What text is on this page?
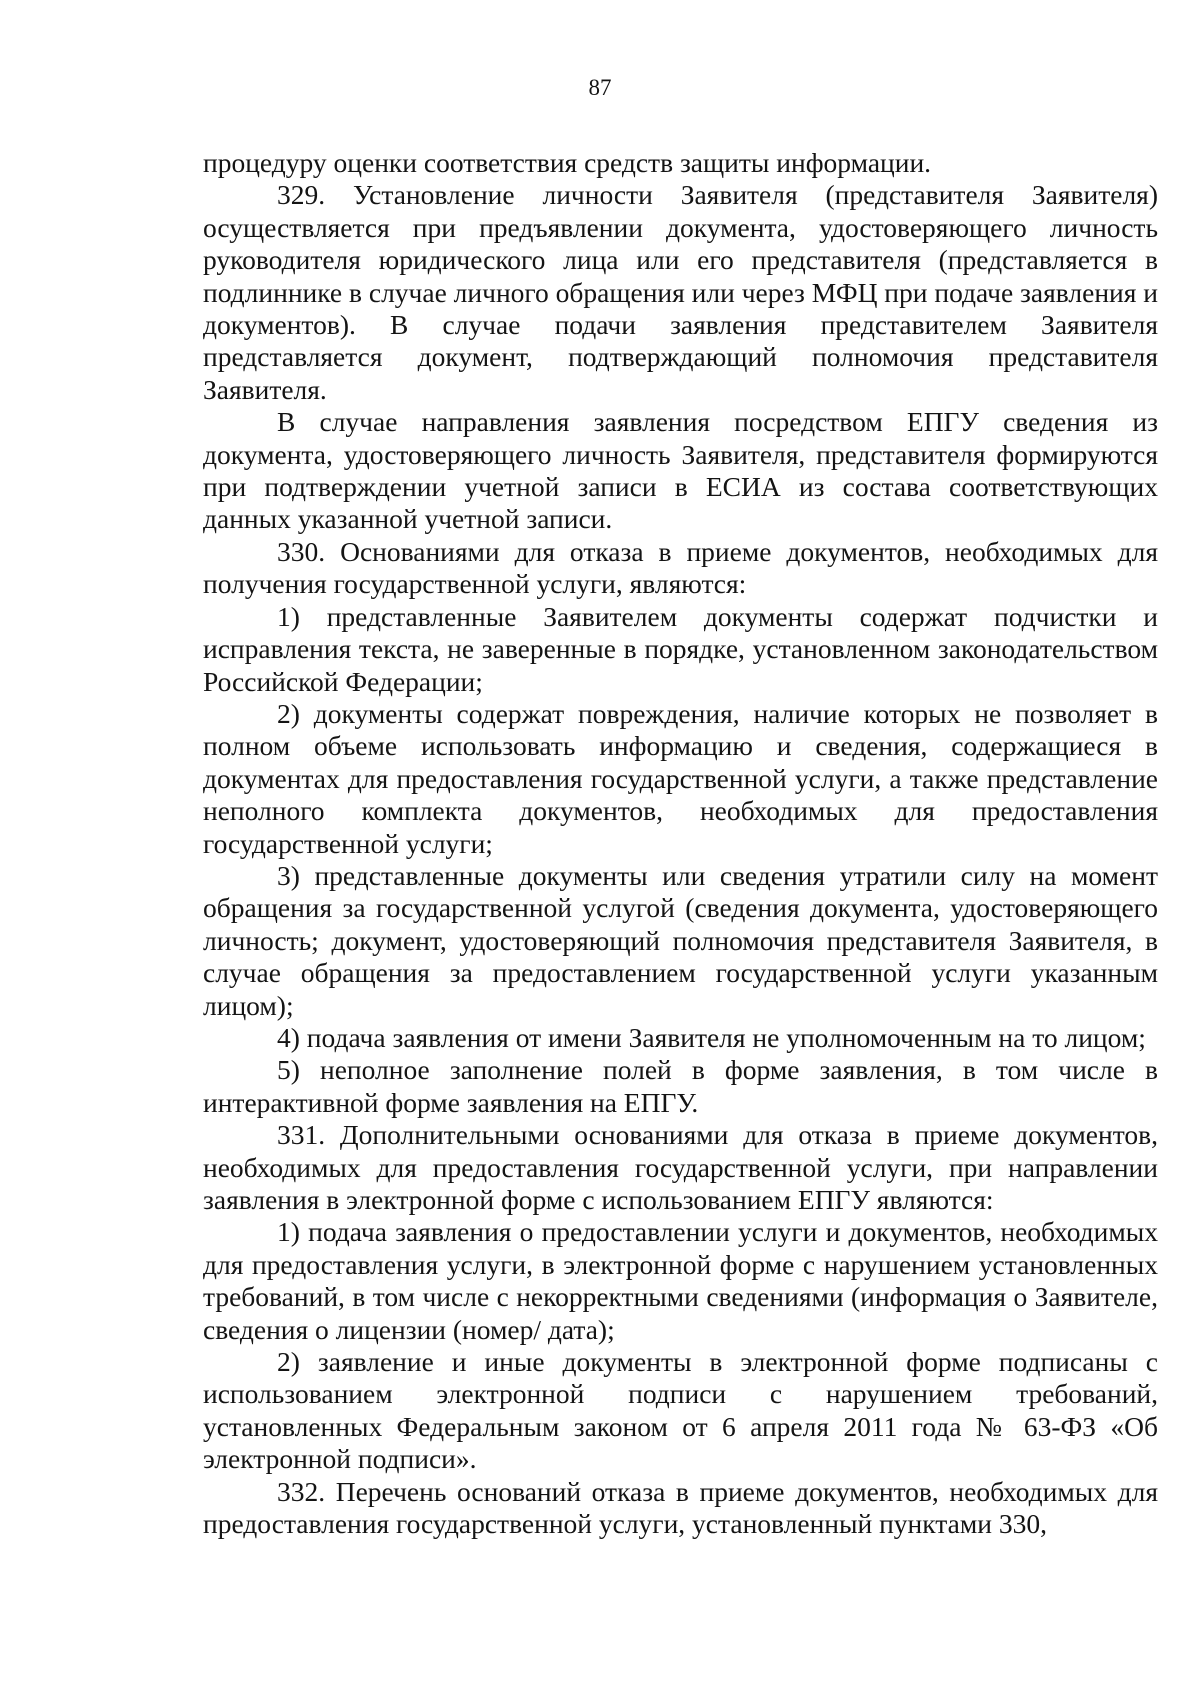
87

процедуру оценки соответствия средств защиты информации.

329. Установление личности Заявителя (представителя Заявителя) осуществляется при предъявлении документа, удостоверяющего личность руководителя юридического лица или его представителя (представляется в подлиннике в случае личного обращения или через МФЦ при подаче заявления и документов). В случае подачи заявления представителем Заявителя представляется документ, подтверждающий полномочия представителя Заявителя.

В случае направления заявления посредством ЕПГУ сведения из документа, удостоверяющего личность Заявителя, представителя формируются при подтверждении учетной записи в ЕСИА из состава соответствующих данных указанной учетной записи.

330. Основаниями для отказа в приеме документов, необходимых для получения государственной услуги, являются:

1) представленные Заявителем документы содержат подчистки и исправления текста, не заверенные в порядке, установленном законодательством Российской Федерации;

2) документы содержат повреждения, наличие которых не позволяет в полном объеме использовать информацию и сведения, содержащиеся в документах для предоставления государственной услуги, а также представление неполного комплекта документов, необходимых для предоставления государственной услуги;

3) представленные документы или сведения утратили силу на момент обращения за государственной услугой (сведения документа, удостоверяющего личность; документ, удостоверяющий полномочия представителя Заявителя, в случае обращения за предоставлением государственной услуги указанным лицом);

4) подача заявления от имени Заявителя не уполномоченным на то лицом;

5) неполное заполнение полей в форме заявления, в том числе в интерактивной форме заявления на ЕПГУ.

331. Дополнительными основаниями для отказа в приеме документов, необходимых для предоставления государственной услуги, при направлении заявления в электронной форме с использованием ЕПГУ являются:

1) подача заявления о предоставлении услуги и документов, необходимых для предоставления услуги, в электронной форме с нарушением установленных требований, в том числе с некорректными сведениями (информация о Заявителе, сведения о лицензии (номер/ дата);

2) заявление и иные документы в электронной форме подписаны с использованием электронной подписи с нарушением требований, установленных Федеральным законом от 6 апреля 2011 года № 63-ФЗ «Об электронной подписи».

332. Перечень оснований отказа в приеме документов, необходимых для предоставления государственной услуги, установленный пунктами 330,
